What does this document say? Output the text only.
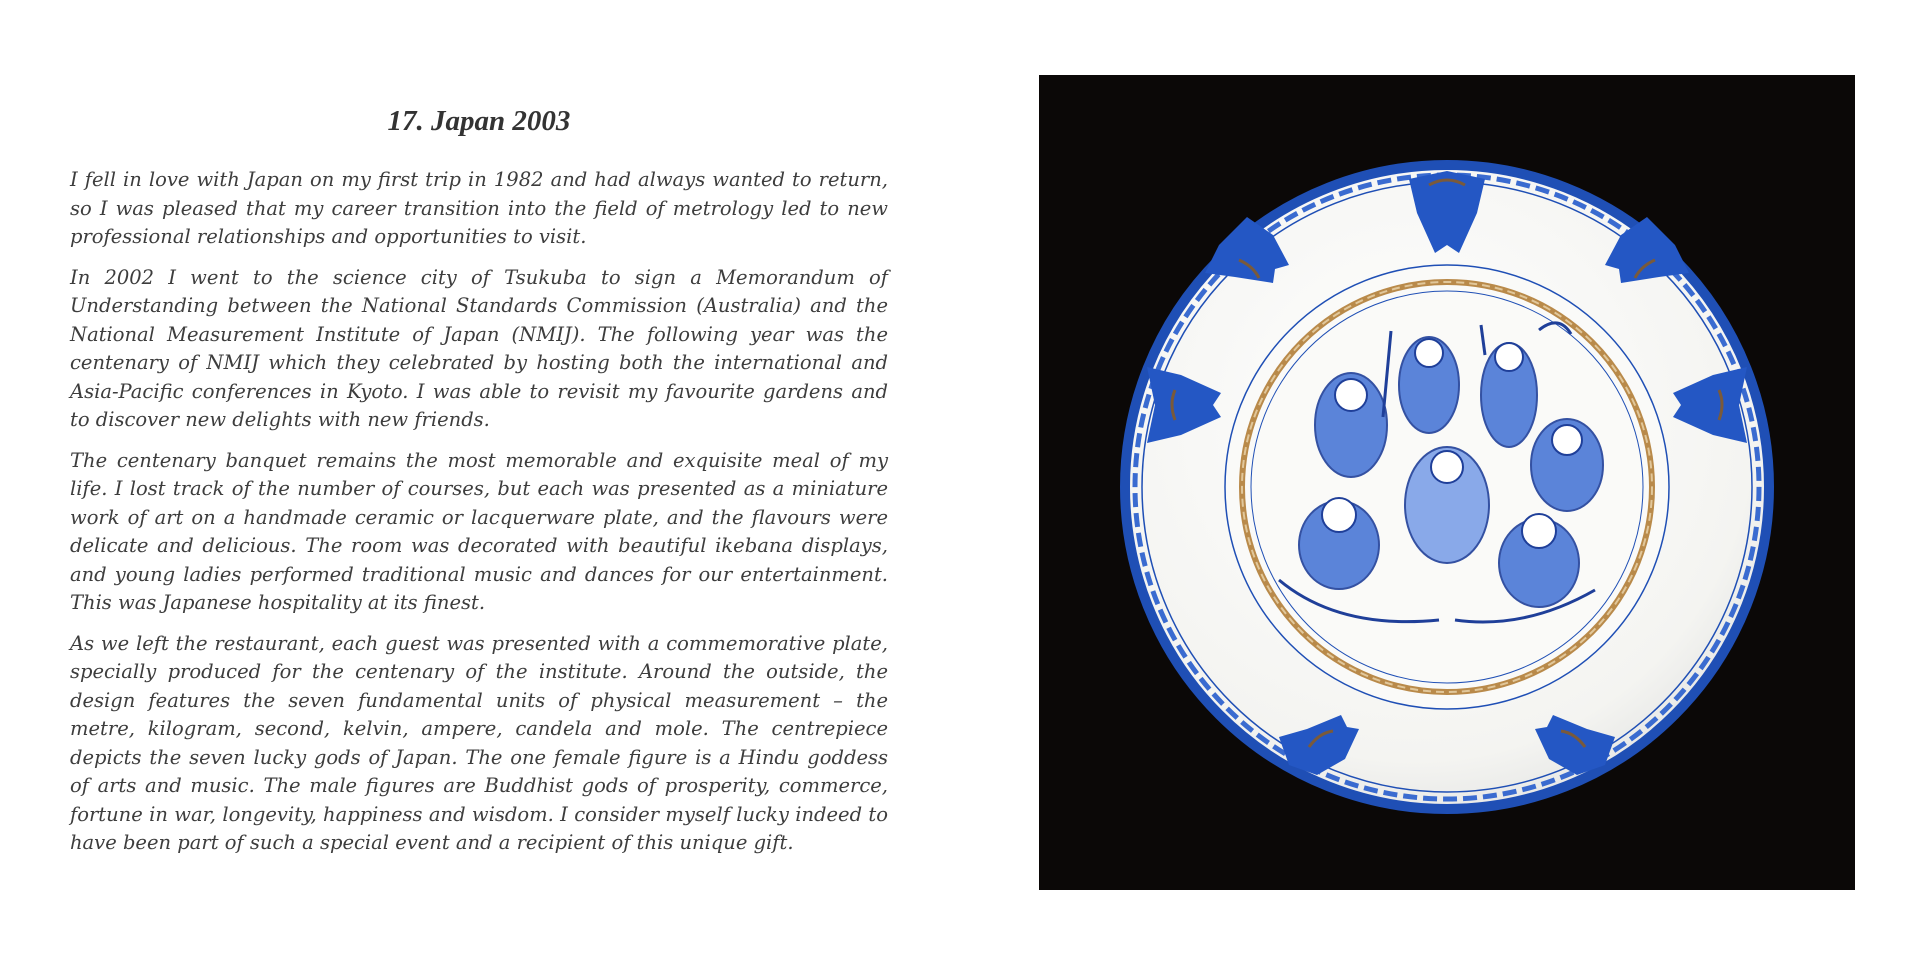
17. Japan 2003

I fell in love with Japan on my first trip in 1982 and had always wanted to return, so I was pleased that my career transition into the field of metrology led to new professional relationships and opportunities to visit.

In 2002 I went to the science city of Tsukuba to sign a Memorandum of Understanding between the National Standards Commission (Australia) and the National Measurement Institute of Japan (NMIJ). The following year was the centenary of NMIJ which they celebrated by hosting both the international and Asia-Pacific conferences in Kyoto. I was able to revisit my favourite gardens and to discover new delights with new friends.

The centenary banquet remains the most memorable and exquisite meal of my life. I lost track of the number of courses, but each was presented as a miniature work of art on a handmade ceramic or lacquerware plate, and the flavours were delicate and delicious. The room was decorated with beautiful ikebana displays, and young ladies performed traditional music and dances for our entertainment. This was Japanese hospitality at its finest.

As we left the restaurant, each guest was presented with a commemorative plate, specially produced for the centenary of the institute. Around the outside, the design features the seven fundamental units of physical measurement – the metre, kilogram, second, kelvin, ampere, candela and mole. The centrepiece depicts the seven lucky gods of Japan. The one female figure is a Hindu goddess of arts and music. The male figures are Buddhist gods of prosperity, commerce, fortune in war, longevity, happiness and wisdom. I consider myself lucky indeed to have been part of such a special event and a recipient of this unique gift.
